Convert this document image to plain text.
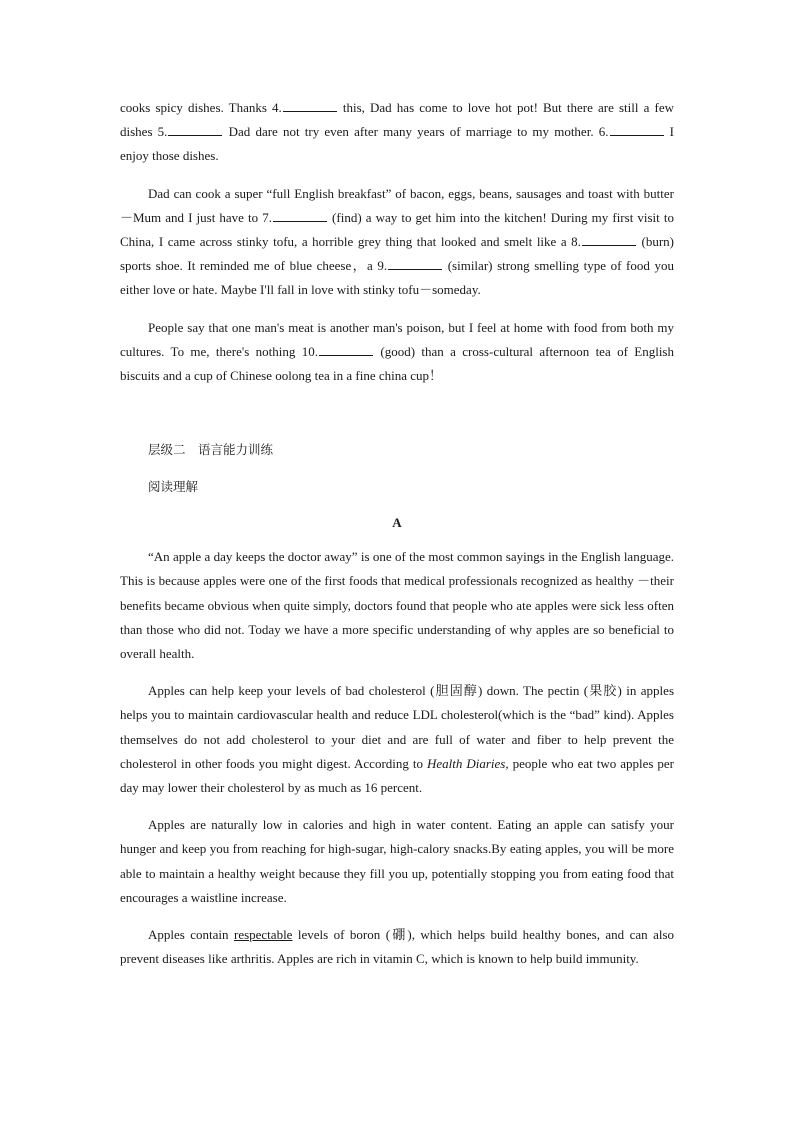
cooks spicy dishes. Thanks 4.	this, Dad has come to love hot pot! But there are still a few dishes 5.	Dad dare not try even after many years of marriage to my mother. 6.	I enjoy those dishes.

Dad can cook a super “full English breakfast” of bacon, eggs, beans, sausages and toast with butter －Mum and I just have to 7.	(find) a way to get him into the kitchen! During my first visit to China, I came across stinky tofu, a horrible grey thing that looked and smelt like a 8.	(burn) sports shoe. It reminded me of blue cheese，a 9.	(similar) strong smelling type of food you either love or hate. Maybe I'll fall in love with stinky tofu－someday.

People say that one man's meat is another man's poison, but I feel at home with food from both my cultures. To me, there's nothing 10.	(good) than a cross-cultural afternoon tea of English biscuits and a cup of Chinese oolong tea in a fine china cup！

层级二　语言能力训练

阅读理解

A

“An apple a day keeps the doctor away” is one of the most common sayings in the English language. This is because apples were one of the first foods that medical professionals recognized as healthy －their benefits became obvious when quite simply, doctors found that people who ate apples were sick less often than those who did not. Today we have a more specific understanding of why apples are so beneficial to overall health.

Apples can help keep your levels of bad cholesterol (胆固醇) down. The pectin (果胶) in apples helps you to maintain cardiovascular health and reduce LDL cholesterol(which is the “bad” kind). Apples themselves do not add cholesterol to your diet and are full of water and fiber to help prevent the cholesterol in other foods you might digest. According to Health Diaries, people who eat two apples per day may lower their cholesterol by as much as 16 percent.

Apples are naturally low in calories and high in water content. Eating an apple can satisfy your hunger and keep you from reaching for high-sugar, high-calory snacks.By eating apples, you will be more able to maintain a healthy weight because they fill you up, potentially stopping you from eating food that encourages a waistline increase.

Apples contain respectable levels of boron (硼), which helps build healthy bones, and can also prevent diseases like arthritis. Apples are rich in vitamin C, which is known to help build immunity.
